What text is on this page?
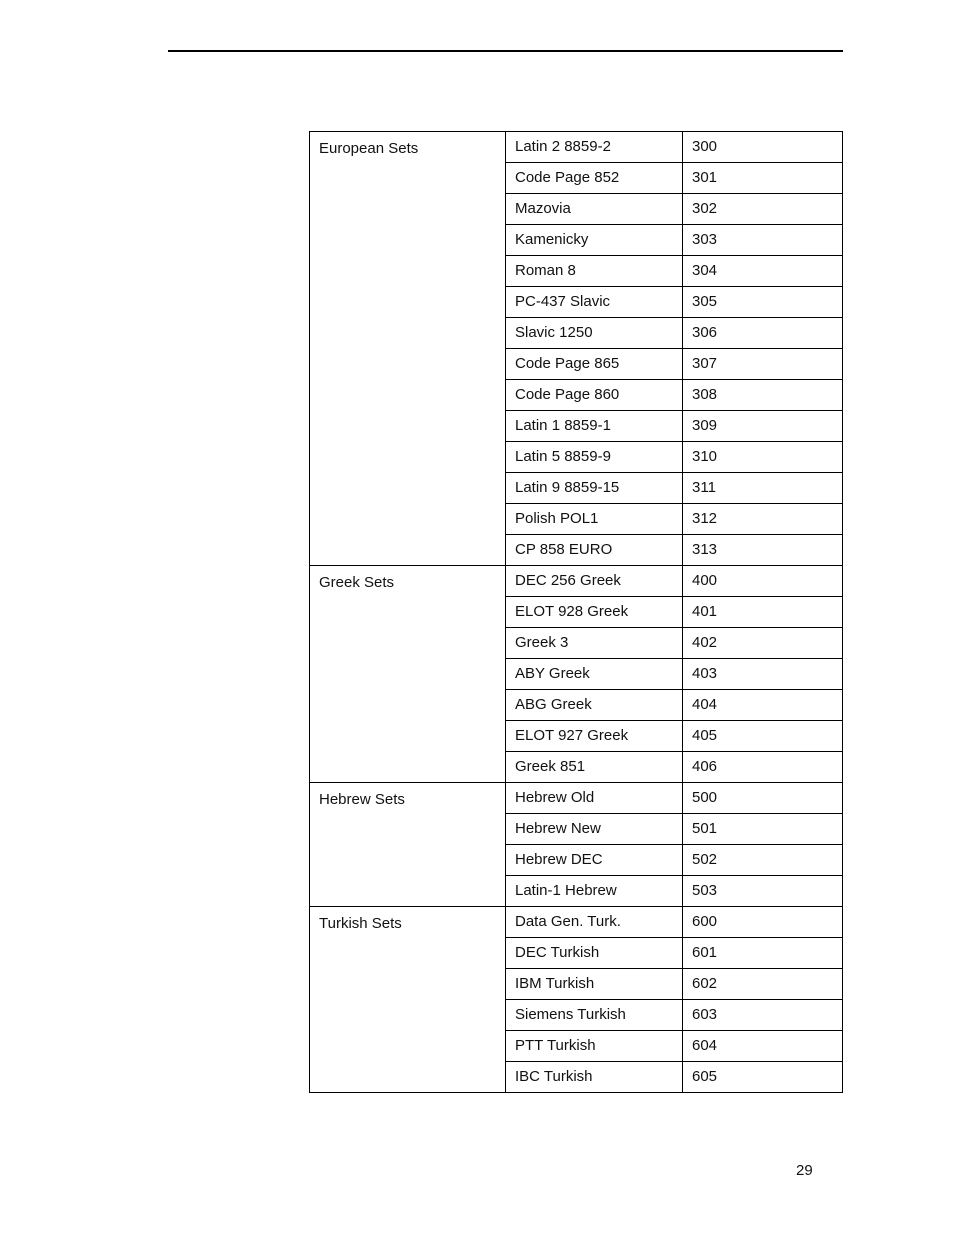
European Sets	Latin 2 8859-2	300
	Code Page 852	301
	Mazovia	302
	Kamenicky	303
	Roman 8	304
	PC-437 Slavic	305
	Slavic 1250	306
	Code Page 865	307
	Code Page 860	308
	Latin 1 8859-1	309
	Latin 5 8859-9	310
	Latin 9 8859-15	311
	Polish POL1	312
	CP 858 EURO	313
Greek Sets	DEC 256 Greek	400
	ELOT 928 Greek	401
	Greek 3	402
	ABY Greek	403
	ABG Greek	404
	ELOT 927 Greek	405
	Greek 851	406
Hebrew Sets	Hebrew Old	500
	Hebrew New	501
	Hebrew DEC	502
	Latin-1 Hebrew	503
Turkish Sets	Data Gen. Turk.	600
	DEC Turkish	601
	IBM Turkish	602
	Siemens Turkish	603
	PTT Turkish	604
	IBC Turkish	605
29
